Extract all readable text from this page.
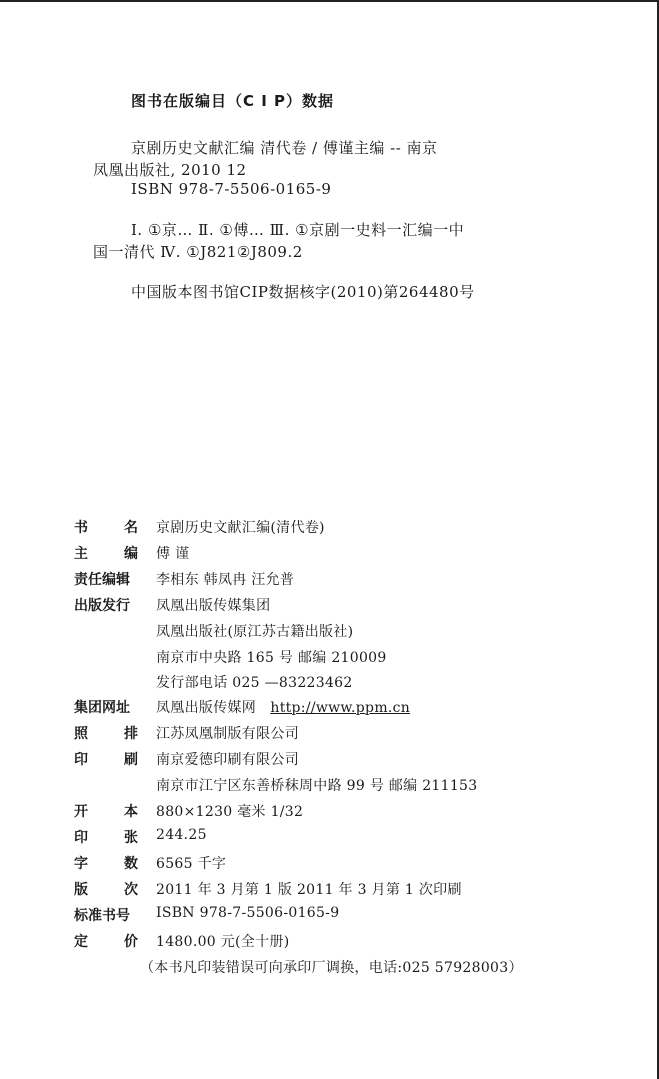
图书在版编目（C I P）数据
京剧历史文献汇编 清代卷 / 傅谨主编 -- 南京
凤凰出版社, 2010 12
ISBN 978-7-5506-0165-9
Ⅰ. ①京… Ⅱ. ①傅… Ⅲ. ①京剧一史料一汇编一中
国一清代 Ⅳ. ①J821②J809.2
中国版本图书馆CIP数据核字(2010)第264480号
书	名 京剧历史文献汇编(清代卷)
主	编 傅 谨
责任编辑 李相东 韩凤冉 汪允普
出版发行 凤凰出版传媒集团
凤凰出版社(原江苏古籍出版社)
南京市中央路 165 号 邮编 210009
发行部电话 025 —83223462
集团网址 凤凰出版传媒网 http://www.ppm.cn
照	排 江苏凤凰制版有限公司
印	刷 南京爱德印刷有限公司
南京市江宁区东善桥秣周中路 99 号 邮编 211153
开	本 880×1230 毫米 1/32
印	张 244.25
字	数 6565 千字
版	次 2011 年 3 月第 1 版 2011 年 3 月第 1 次印刷
标准书号 ISBN 978-7-5506-0165-9
定	价 1480.00 元(全十册)
（本书凡印装错误可向承印厂调换，电话:025 57928003）
